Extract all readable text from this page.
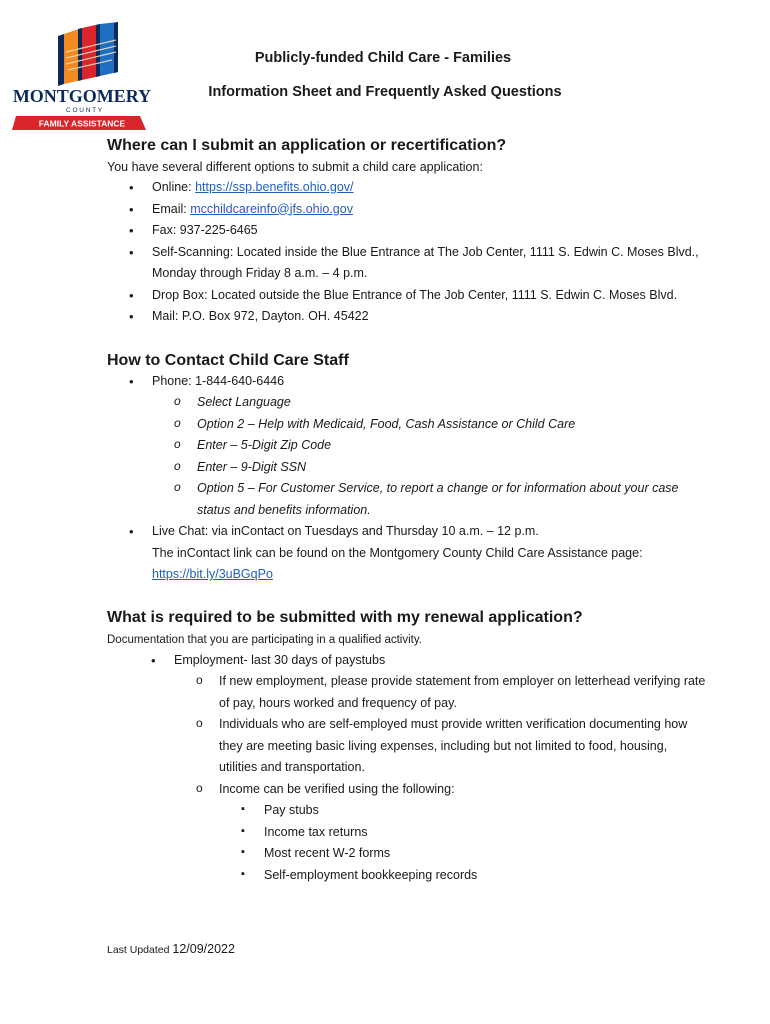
MONTGOMERY
C O U N T Y
FAMILY ASSISTANCE
Publicly-funded Child Care - Families
Information Sheet and Frequently Asked Questions
Where can I submit an application or recertification?

You have several different options to submit a child care application:

• Online: https://ssp.benefits.ohio.gov/
• Email: mcchildcareinfo@jfs.ohio.gov
• Fax: 937-225-6465
• Self-Scanning: Located inside the Blue Entrance at The Job Center, 1111 S. Edwin C. Moses Blvd., Monday through Friday 8 a.m. – 4 p.m.
• Drop Box: Located outside the Blue Entrance of The Job Center, 1111 S. Edwin C. Moses Blvd.
• Mail: P.O. Box 972, Dayton. OH. 45422
How to Contact Child Care Staff
• Phone: 1-844-640-6446
o Select Language
o Option 2 – Help with Medicaid, Food, Cash Assistance or Child Care
o Enter – 5-Digit Zip Code
o Enter – 9-Digit SSN
o Option 5 – For Customer Service, to report a change or for information about your case status and benefits information.
• Live Chat: via inContact on Tuesdays and Thursday 10 a.m. – 12 p.m.
The inContact link can be found on the Montgomery County Child Care Assistance page: https://bit.ly/3uBGqPo
What is required to be submitted with my renewal application?

Documentation that you are participating in a qualified activity.

• Employment- last 30 days of paystubs
o If new employment, please provide statement from employer on letterhead verifying rate of pay, hours worked and frequency of pay.
o Individuals who are self-employed must provide written verification documenting how they are meeting basic living expenses, including but not limited to food, housing, utilities and transportation.
o Income can be verified using the following:
▪ Pay stubs
▪ Income tax returns
▪ Most recent W-2 forms
▪ Self-employment bookkeeping records
Last Updated 12/09/2022
